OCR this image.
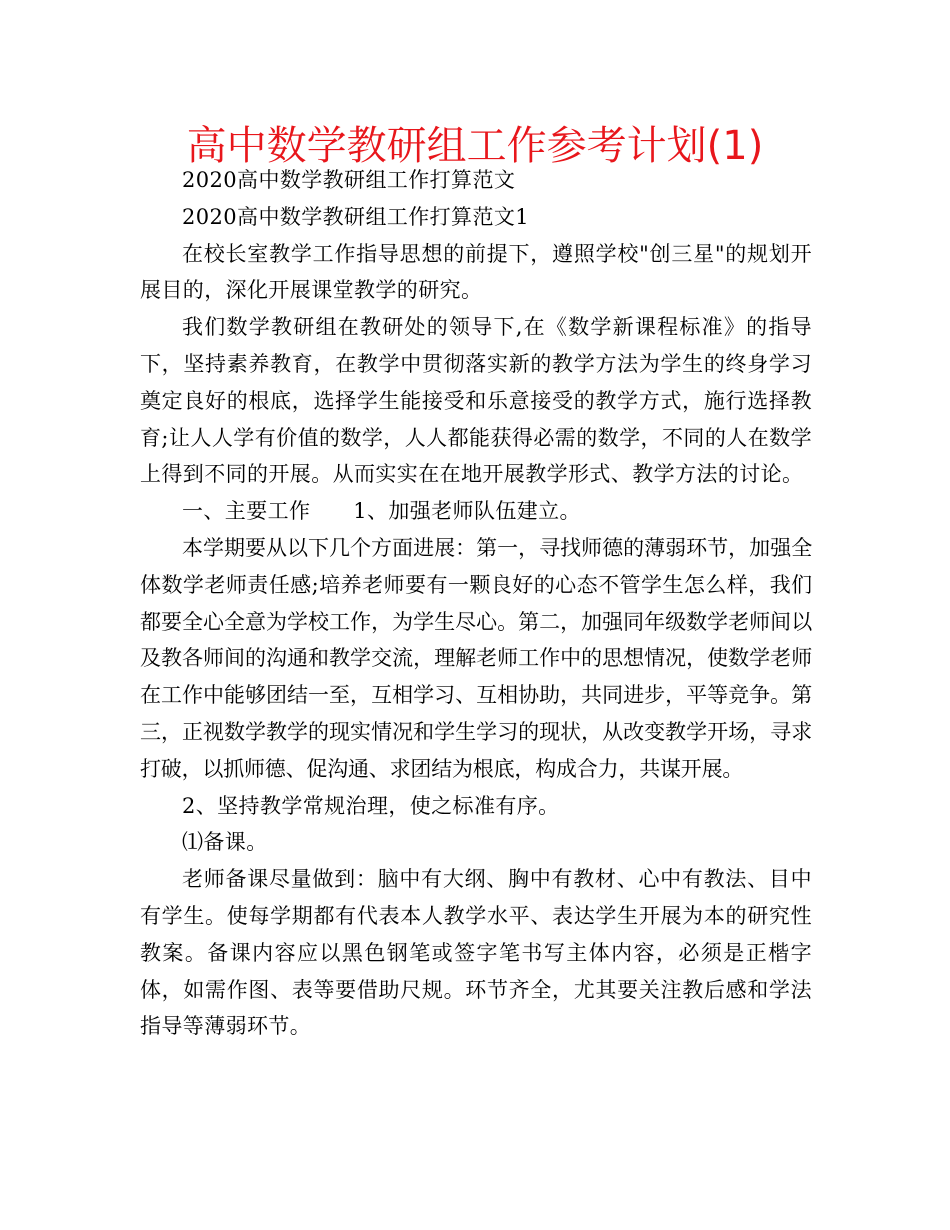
高中数学教研组工作参考计划(1)

2020高中数学教研组工作打算范文

2020高中数学教研组工作打算范文1

在校长室教学工作指导思想的前提下，遵照学校"创三星"的规划开展目的，深化开展课堂教学的研究。

我们数学教研组在教研处的领导下,在《数学新课程标准》的指导下，坚持素养教育，在教学中贯彻落实新的教学方法为学生的终身学习奠定良好的根底，选择学生能接受和乐意接受的教学方式，施行选择教育;让人人学有价值的数学，人人都能获得必需的数学，不同的人在数学上得到不同的开展。从而实实在在地开展教学形式、教学方法的讨论。

一、主要工作　　1、加强老师队伍建立。

本学期要从以下几个方面进展：第一，寻找师德的薄弱环节，加强全体数学老师责任感;培养老师要有一颗良好的心态不管学生怎么样，我们都要全心全意为学校工作，为学生尽心。第二，加强同年级数学老师间以及教各师间的沟通和教学交流，理解老师工作中的思想情况，使数学老师在工作中能够团结一至，互相学习、互相协助，共同进步，平等竞争。第三，正视数学教学的现实情况和学生学习的现状，从改变教学开场，寻求打破，以抓师德、促沟通、求团结为根底，构成合力，共谋开展。

2、坚持教学常规治理，使之标准有序。

⑴备课。

老师备课尽量做到：脑中有大纲、胸中有教材、心中有教法、目中有学生。使每学期都有代表本人教学水平、表达学生开展为本的研究性教案。备课内容应以黑色钢笔或签字笔书写主体内容，必须是正楷字体，如需作图、表等要借助尺规。环节齐全，尤其要关注教后感和学法指导等薄弱环节。
